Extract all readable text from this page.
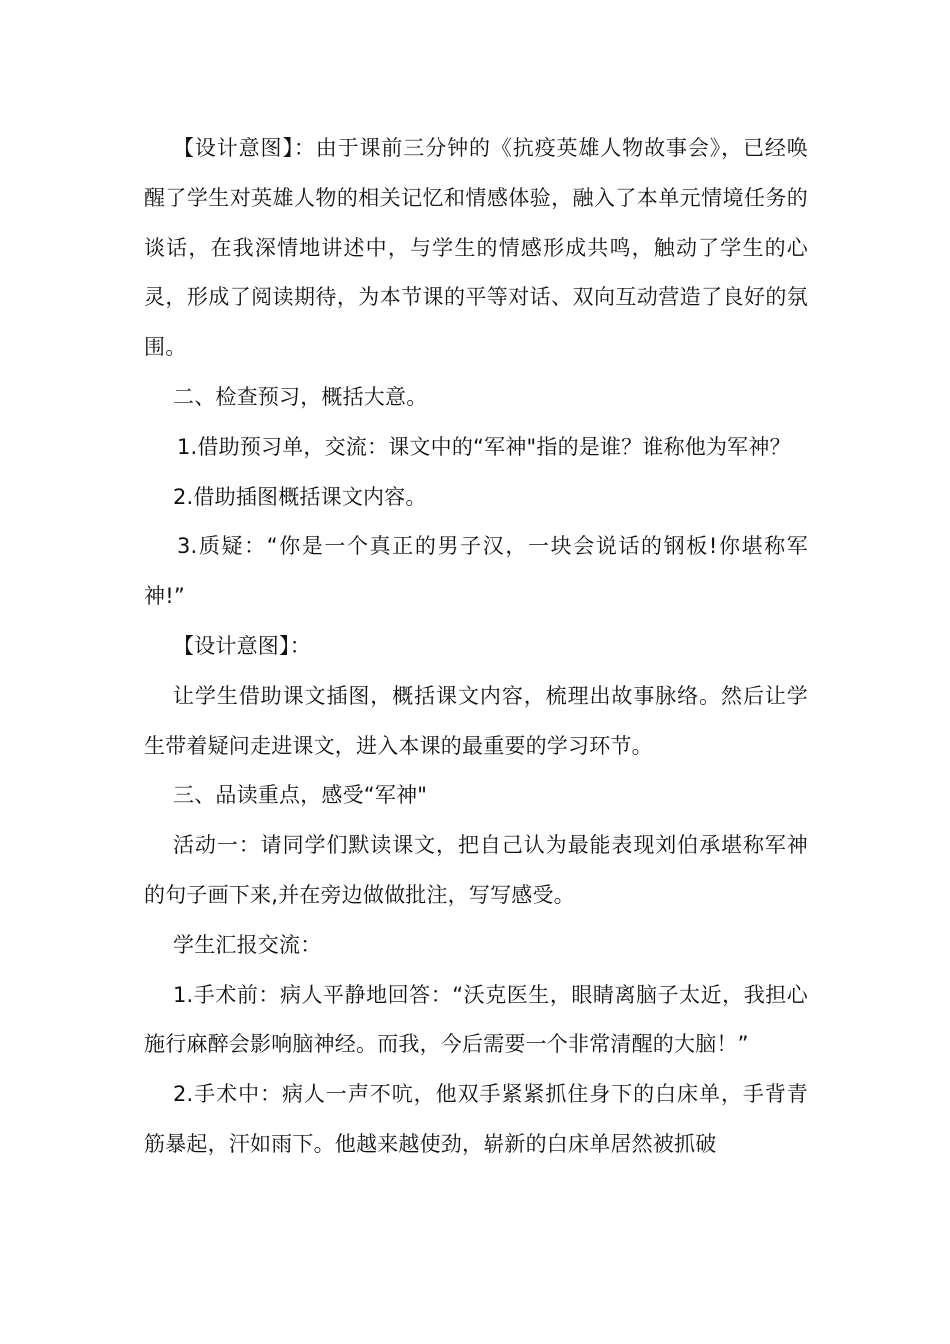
【设计意图】：由于课前三分钟的《抗疫英雄人物故事会》，已经唤醒了学生对英雄人物的相关记忆和情感体验，融入了本单元情境任务的谈话，在我深情地讲述中，与学生的情感形成共鸣，触动了学生的心灵，形成了阅读期待，为本节课的平等对话、双向互动营造了良好的氛围。

二、检查预习，概括大意。

1.借助预习单，交流：课文中的“军神"指的是谁？谁称他为军神？

2.借助插图概括课文内容。

3.质疑：“你是一个真正的男子汉，一块会说话的钢板!你堪称军神!”

【设计意图】：

让学生借助课文插图，概括课文内容，梳理出故事脉络。然后让学生带着疑问走进课文，进入本课的最重要的学习环节。

三、品读重点，感受“军神"

活动一：请同学们默读课文，把自己认为最能表现刘伯承堪称军神的句子画下来,并在旁边做做批注，写写感受。

学生汇报交流：

1.手术前：病人平静地回答：“沃克医生，眼睛离脑子太近，我担心施行麻醉会影响脑神经。而我，今后需要一个非常清醒的大脑！”

2.手术中：病人一声不吭，他双手紧紧抓住身下的白床单，手背青筋暴起，汗如雨下。他越来越使劲，崭新的白床单居然被抓破
